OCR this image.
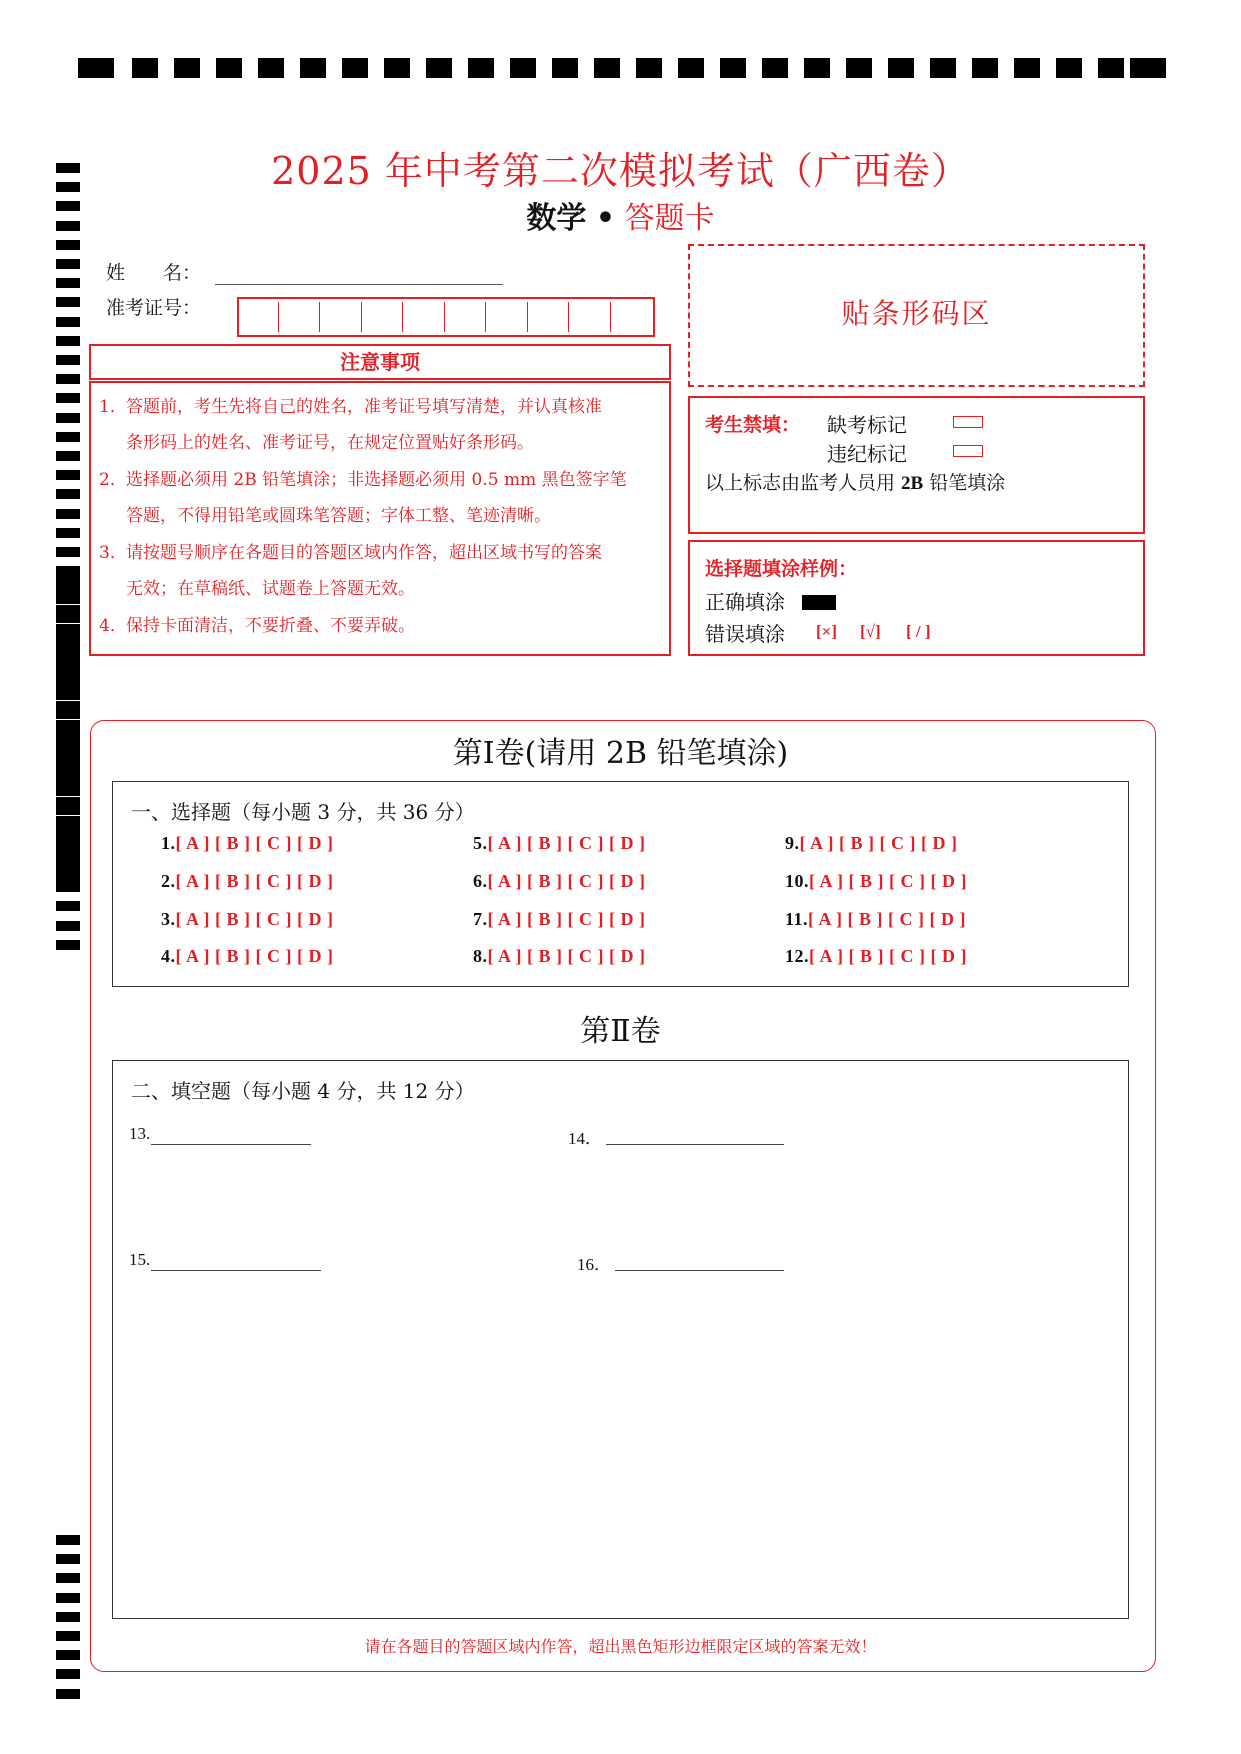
2025 年中考第二次模拟考试（广西卷）
数学 • 答题卡
姓　　名：
准考证号：
注意事项
1．答题前，考生先将自己的姓名，准考证号填写清楚，并认真核准
条形码上的姓名、准考证号，在规定位置贴好条形码。
2．选择题必须用 2B 铅笔填涂；非选择题必须用 0.5 mm 黑色签字笔
答题，不得用铅笔或圆珠笔答题；字体工整、笔迹清晰。
3．请按题号顺序在各题目的答题区域内作答，超出区域书写的答案
无效；在草稿纸、试题卷上答题无效。
4．保持卡面清洁，不要折叠、不要弄破。
贴条形码区
考生禁填： 缺考标记
违纪标记
以上标志由监考人员用 2B 铅笔填涂
选择题填涂样例：
正确填涂
错误填涂 [×] [√] [ / ]
第Ⅰ卷(请用 2B 铅笔填涂)
一、选择题（每小题 3 分，共 36 分）
1.[ A ] [ B ] [ C ] [ D ]
2.[ A ] [ B ] [ C ] [ D ]
3.[ A ] [ B ] [ C ] [ D ]
4.[ A ] [ B ] [ C ] [ D ]
5.[ A ] [ B ] [ C ] [ D ]
6.[ A ] [ B ] [ C ] [ D ]
7.[ A ] [ B ] [ C ] [ D ]
8.[ A ] [ B ] [ C ] [ D ]
9.[ A ] [ B ] [ C ] [ D ]
10.[ A ] [ B ] [ C ] [ D ]
11.[ A ] [ B ] [ C ] [ D ]
12.[ A ] [ B ] [ C ] [ D ]
第Ⅱ卷
二、填空题（每小题 4 分，共 12 分）
13.	14．
15.	16．
请在各题目的答题区域内作答，超出黑色矩形边框限定区域的答案无效！
